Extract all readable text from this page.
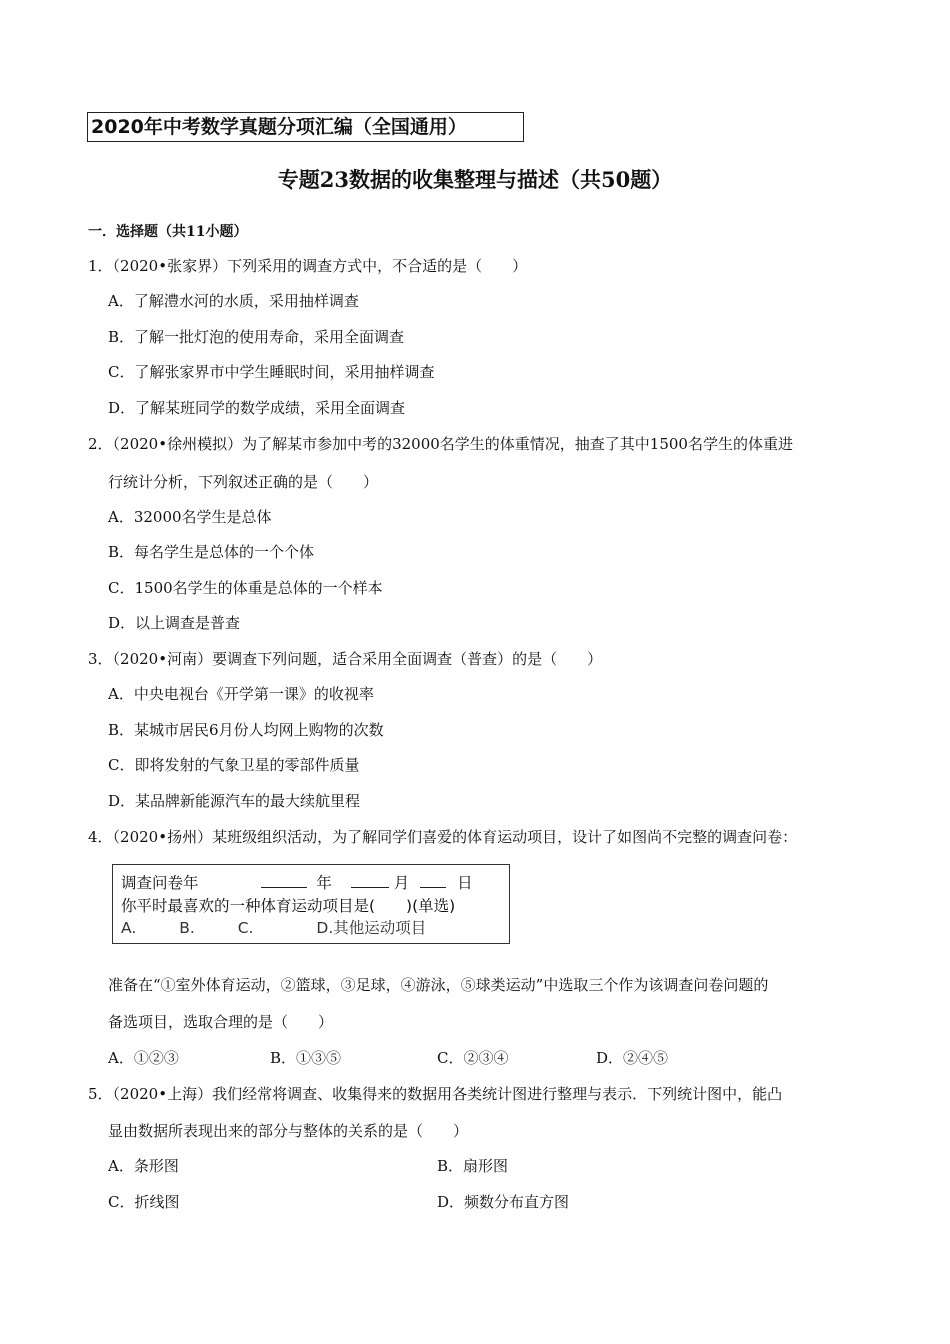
2020年中考数学真题分项汇编（全国通用）
专题23数据的收集整理与描述（共50题）
一．选择题（共11小题）
1．（2020•张家界）下列采用的调查方式中，不合适的是（　　）
A．了解澧水河的水质，采用抽样调查
B．了解一批灯泡的使用寿命，采用全面调查
C．了解张家界市中学生睡眠时间，采用抽样调查
D．了解某班同学的数学成绩，采用全面调查
2．（2020•徐州模拟）为了解某市参加中考的32000名学生的体重情况，抽查了其中1500名学生的体重进
行统计分析，下列叙述正确的是（　　）
A．32000名学生是总体
B．每名学生是总体的一个个体
C．1500名学生的体重是总体的一个样本
D．以上调查是普查
3．（2020•河南）要调查下列问题，适合采用全面调查（普查）的是（　　）
A．中央电视台《开学第一课》的收视率
B．某城市居民6月份人均网上购物的次数
C．即将发射的气象卫星的零部件质量
D．某品牌新能源汽车的最大续航里程
4．（2020•扬州）某班级组织活动，为了解同学们喜爱的体育运动项目，设计了如图尚不完整的调查问卷：
调查问卷年	年	月	日
你平时最喜欢的一种体育运动项目是(　　)(单选)
A.	B.	C.	D.其他运动项目
准备在“①室外体育运动，②篮球，③足球，④游泳，⑤球类运动”中选取三个作为该调查问卷问题的
备选项目，选取合理的是（　　）
A．①②③	B．①③⑤	C．②③④	D．②④⑤
5．（2020•上海）我们经常将调查、收集得来的数据用各类统计图进行整理与表示．下列统计图中，能凸
显由数据所表现出来的部分与整体的关系的是（　　）
A．条形图	B．扇形图
C．折线图	D．频数分布直方图
